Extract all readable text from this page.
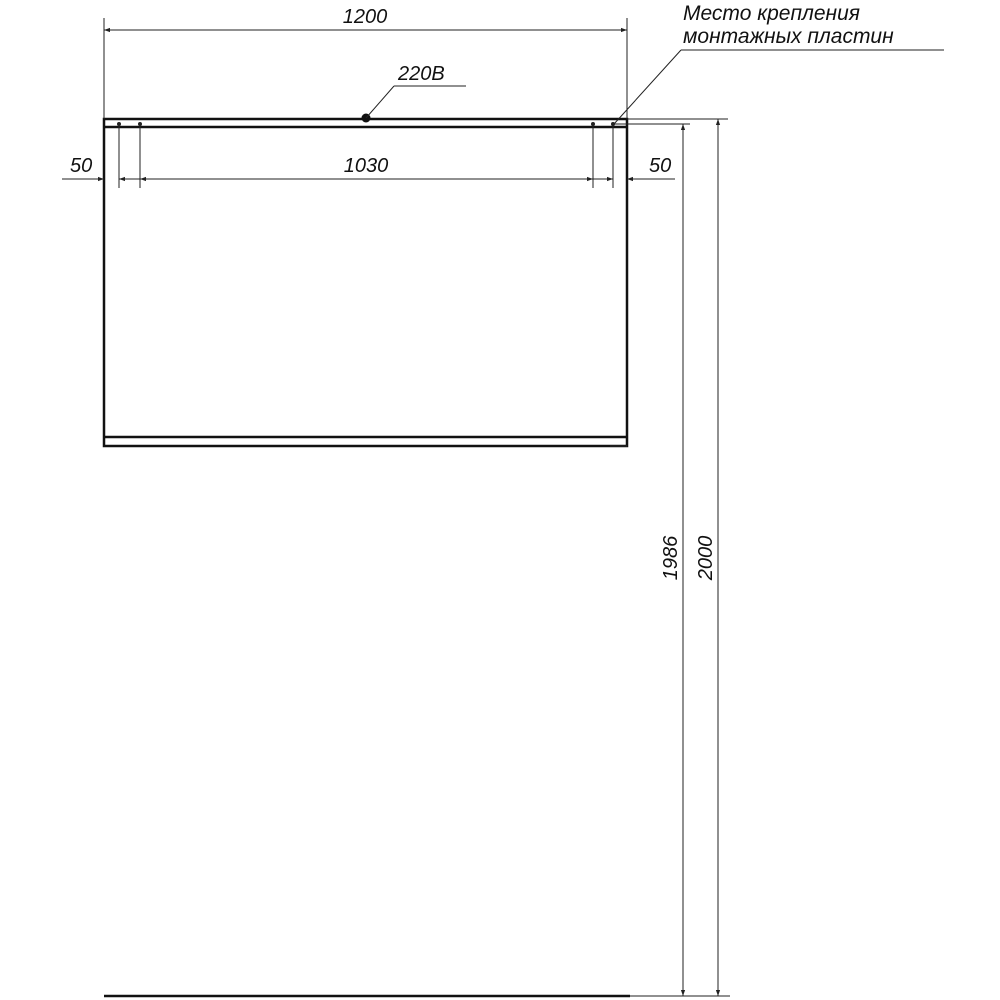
1200
220В
Место крепления
монтажных пластин
50	1030	50
1986 2000
